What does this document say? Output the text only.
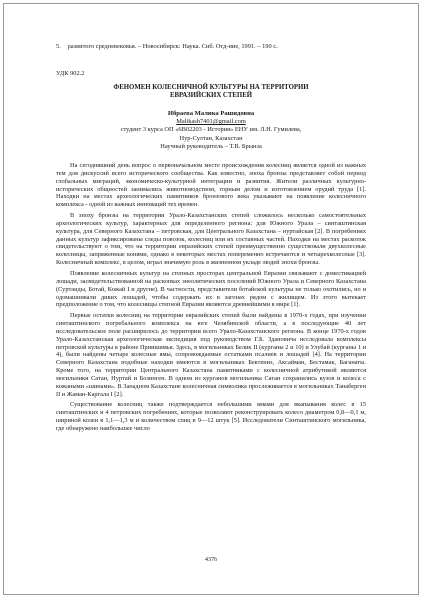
5. развитого средневековья. – Новосибирск: Наука. Сиб. Отд-ние, 1991. – 190 с.
УДК 902.2
ФЕНОМЕН КОЛЕСНИЧНОЙ КУЛЬТУРЫ НА ТЕРРИТОРИИ
ЕВРАЗИЙСКИХ СТЕПЕЙ
Ибраева Малика Рашидовна
Malikash7401@gmail.com
студент 3 курса ОП «6В02203 - История» ЕНУ им. Л.Н. Гумилева,
Нур-Султан, Казахстан
Научный руководитель – Т.В. Брынза

На сегодняшний день вопрос о первоначальном месте происхождения колесниц является одной из важных тем для дискуссий всего исторического сообщества. Как известно, эпоха бронзы представляет собой период глобальных миграций, экономическо-культурной интеграции и развития. Жители различных культурно-исторических общностей занимались животноводством, горным делом и изготовлением орудий труда [1]. Находки на местах археологических памятников бронзового века указывают на появление колесничного комплекса - одной из важных инноваций тех времен.

В эпоху бронзы на территории Урало-Казахстанских степей сложилось несколько самостоятельных археологических культур, характерных для определенного региона: для Южного Урала – синташтинская культура, для Северного Казахстана – петровская, для Центрального Казахстана – нуртайская [2]. В погребениях данных культур зафиксированы следы повозок, колесниц или их составных частей. Находки на местах раскопок свидетельствуют о том, что на территории евразийских степей преимущественно существовали двухколесные колесницы, запряженные конями, однако в некоторых местах попеременно встречаются и четырехколесные [3]. Колесничный комплекс, в целом, играл значимую роль в жизненном укладе людей эпохи бронзы.

Появление колесничных культур на степных просторах центральной Евразии связывают с доместикацией лошади, засвидетельствованной на раскопках энеолитических поселений Южного Урала и Северного Казахстана (Суртанды, Ботай, Кожай I и другие). В частности, представители ботайской культуры не только охотились, но и одомашнивали диких лошадей, чтобы содержать их в загонах рядом с жилищем. Из этого вытекает предположение о том, что колесницы степной Евразии являются древнейшими в мире [1].

Первые остатки колесниц на территории евразийских степей были найдены в 1970-х годах, при изучении синташтинского погребального комплекса на юге Челябинской области, а в последующие 40 лет исследовательское поле расширилось до территории всего Урало-Казахстанского региона. В конце 1970-х годов Урало-Казахстанская археологическая экспедиция под руководством Г.Б. Здановича исследовала комплексы петровской культуры в районе Приишимья. Здесь, в могильниках Бeлик II (курганы 2 и 10) и Улубай (курганы 1 и 4), были найдены четыре колесные ямы, сопровождаемые остатками псалиев и лошадей [4]. На территории Северного Казахстана подобные находки имеются в могильниках Бектениз, Аксайман, Бестамак, Баганаты. Кроме того, на территории Центрального Казахстана памятниками с колесничной атрибутикой являются могильники Сатан, Нуртай и Бозинген. В одном из курганов могильника Сатан сохранились кузов и колеса с кожаными «шинами». В Западном Казахстане колесничная символика прослеживается в могильниках Танаберген II и Жаман-Каргала I [2].

Существование колесниц также подтверждается небольшими ямами для вкапывания колес в 15 синташтинских и 4 петровских погребениях, которые позволяют реконструировать колесо диаметром 0,8—0,1 м, шириной колеи в 1,1—1,3 м и количеством спиц в 9—12 штук [5]. Исследователи Синташтинского могильника, где обнаружено наибольшее число

4376
